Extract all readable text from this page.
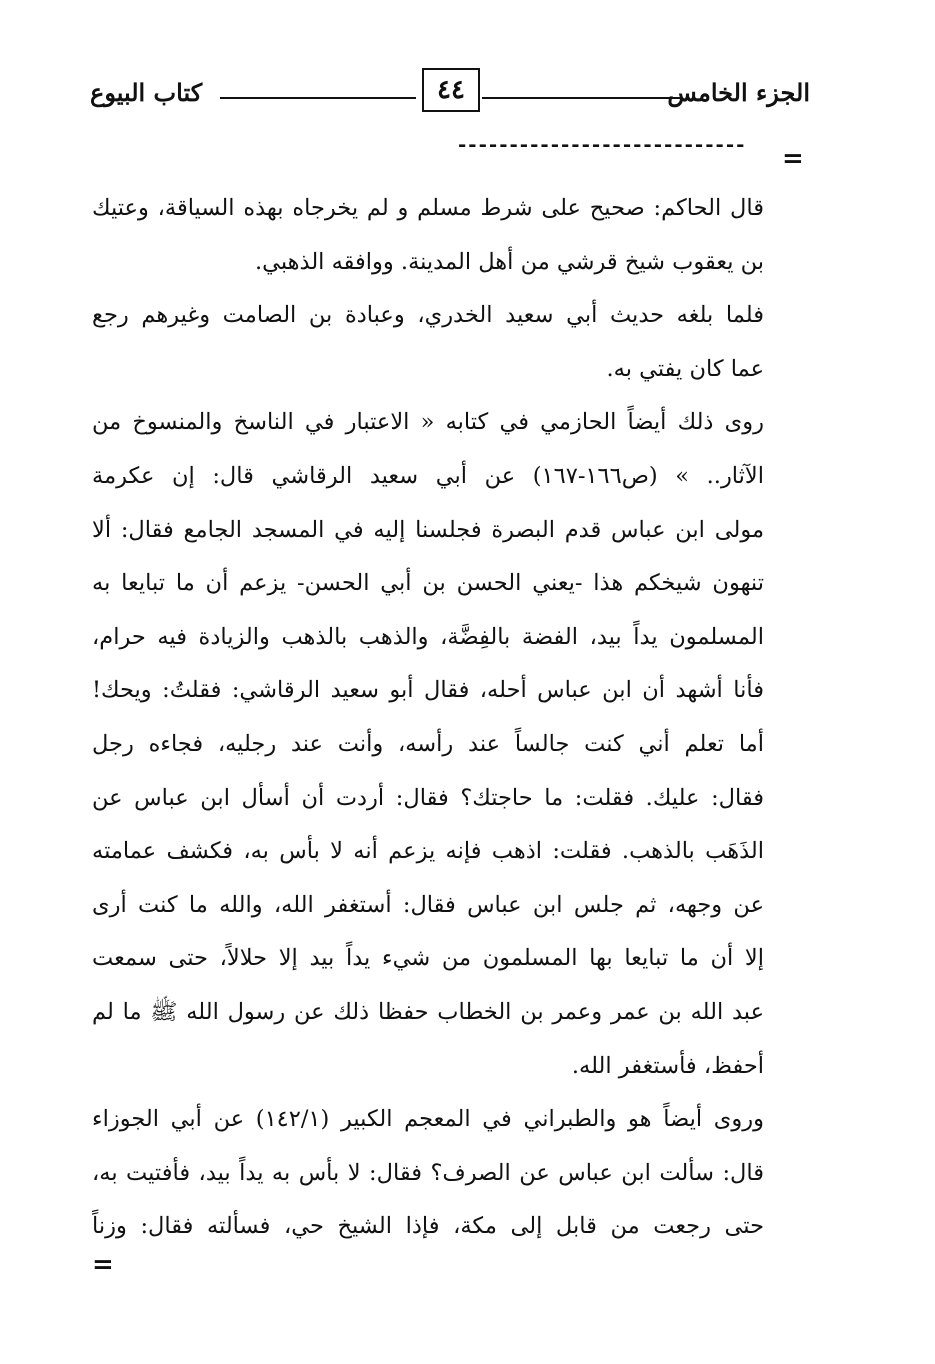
الجزء الخامس
٤٤
كتاب البيوع
----------------------------	=
قال الحاكم: صحيح على شرط مسلم و لم يخرجاه بهذه السياقة، وعتيك
بن يعقوب شيخ قرشي من أهل المدينة. ووافقه الذهبي.
فلما بلغه حديث أبي سعيد الخدري، وعبادة بن الصامت وغيرهم رجع
عما كان يفتي به.
روى ذلك أيضاً الحازمي في كتابه « الاعتبار في الناسخ والمنسوخ من
الآثار.. » (ص١٦٦-١٦٧) عن أبي سعيد الرقاشي قال: إن عكرمة
مولى ابن عباس قدم البصرة فجلسنا إليه في المسجد الجامع فقال: ألا
تنهون شيخكم هذا -يعني الحسن بن أبي الحسن- يزعم أن ما تبايعا به
المسلمون يداً بيد، الفضة بالفِضَّة، والذهب بالذهب والزيادة فيه حرام،
فأنا أشهد أن ابن عباس أحله، فقال أبو سعيد الرقاشي: فقلتُ: ويحك!
أما تعلم أني كنت جالساً عند رأسه، وأنت عند رجليه، فجاءه رجل
فقال: عليك. فقلت: ما حاجتك؟ فقال: أردت أن أسأل ابن عباس عن
الذَهَب بالذهب. فقلت: اذهب فإنه يزعم أنه لا بأس به، فكشف عمامته
عن وجهه، ثم جلس ابن عباس فقال: أستغفر الله، والله ما كنت أرى
إلا أن ما تبايعا بها المسلمون من شيء يداً بيد إلا حلالاً، حتى سمعت
عبد الله بن عمر وعمر بن الخطاب حفظا ذلك عن رسول الله ﷺ ما لم
أحفظ، فأستغفر الله.
وروى أيضاً هو والطبراني في المعجم الكبير (١٤٢/١) عن أبي الجوزاء
قال: سألت ابن عباس عن الصرف؟ فقال: لا بأس به يداً بيد، فأفتيت به،
حتى رجعت من قابل إلى مكة، فإذا الشيخ حي، فسألته فقال: وزناً
=
